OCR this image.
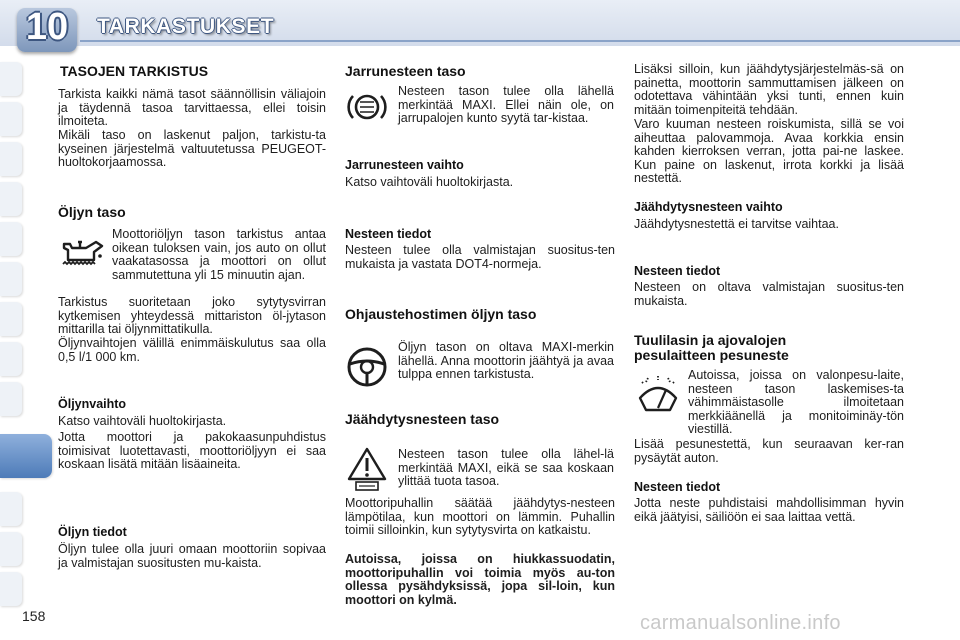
10	TARKASTUKSET
TASOJEN TARKISTUS
Tarkista kaikki nämä tasot säännöllisin väliajoin ja täydennä tasoa tarvittaessa, ellei toisin ilmoiteta.
Mikäli taso on laskenut paljon, tarkistu-ta kyseinen järjestelmä valtuutetussa PEUGEOT-huoltokorjaamossa.
Öljyn taso
Moottoriöljyn tason tarkistus antaa oikean tuloksen vain, jos auto on ollut vaakatasossa ja moottori on ollut sammutettuna yli 15 minuutin ajan.
Tarkistus suoritetaan joko sytytysvirran kytkemisen yhteydessä mittariston öl-jytason mittarilla tai öljynmittatikulla.
Öljynvaihtojen välillä enimmäiskulutus saa olla 0,5 l/1 000 km.
Öljynvaihto
Katso vaihtoväli huoltokirjasta.
Jotta moottori ja pakokaasunpuhdistus toimisivat luotettavasti, moottoriöljyyn ei saa koskaan lisätä mitään lisäaineita.
Öljyn tiedot
Öljyn tulee olla juuri omaan moottoriin sopivaa ja valmistajan suositusten mu-kaista.
Jarrunesteen taso
Nesteen tason tulee olla lähellä merkintää MAXI. Ellei näin ole, on jarrupalojen kunto syytä tar-kistaa.
Jarrunesteen vaihto
Katso vaihtoväli huoltokirjasta.
Nesteen tiedot
Nesteen tulee olla valmistajan suositus-ten mukaista ja vastata DOT4-normeja.
Ohjaustehostimen öljyn taso
Öljyn tason on oltava MAXI-merkin lähellä. Anna moottorin jäähtyä ja avaa tulppa ennen tarkistusta.
Jäähdytysnesteen taso
Nesteen tason tulee olla lähel-lä merkintää MAXI, eikä se saa koskaan ylittää tuota tasoa.
Moottoripuhallin säätää jäähdytys-nesteen lämpötilaa, kun moottori on lämmin. Puhallin toimii silloinkin, kun sytytysvirta on katkaistu.
Autoissa, joissa on hiukkassuodatin, moottoripuhallin voi toimia myös au-ton ollessa pysähdyksissä, jopa sil-loin, kun moottori on kylmä.
Lisäksi silloin, kun jäähdytysjärjestelmäs-sä on painetta, moottorin sammuttamisen jälkeen on odotettava vähintään yksi tunti, ennen kuin mitään toimenpiteitä tehdään.
Varo kuuman nesteen roiskumista, sillä se voi aiheuttaa palovammoja. Avaa korkkia ensin kahden kierroksen verran, jotta pai-ne laskee. Kun paine on laskenut, irrota korkki ja lisää nestettä.
Jäähdytysnesteen vaihto
Jäähdytysnestettä ei tarvitse vaihtaa.
Nesteen tiedot
Nesteen on oltava valmistajan suositus-ten mukaista.
Tuulilasin ja ajovalojen
pesulaitteen pesuneste
Autoissa, joissa on valonpesu-laite, nesteen tason laskemises-ta vähimmäistasolle ilmoitetaan merkkiäänellä ja monitoiminäy-tön viestillä.
Lisää pesunestettä, kun seuraavan ker-ran pysäytät auton.
Nesteen tiedot
Jotta neste puhdistaisi mahdollisimman hyvin eikä jäätyisi, säiliöön ei saa laittaa vettä.
158	carmanualsonline.info
